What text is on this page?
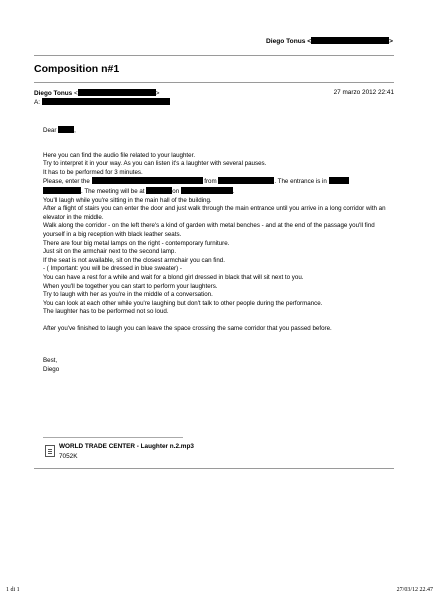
Diego Tonus <	>
Composition n#1
Diego Tonus <	>	27 marzo 2012 22:41
A:

Dear	,

Here you can find the audio file related to your laughter.

Try to interpret it in your way. As you can listen it's a laughter with several pauses.

It has to be performed for 3 minutes.

Please, enter the	from	. The entrance is in

. The meeting will be at	on	.

You'll laugh while you're sitting in the main hall of the building.

After a flight of stairs you can enter the door and just walk through the main entrance until you arrive in a long corridor with an elevator in the middle.

Walk along the corridor - on the left there's a kind of garden with metal benches - and at the end of the passage you'll find yourself in a big reception with black leather seats.

There are four big metal lamps on the right - contemporary furniture.

Just sit on the armchair next to the second lamp.

If the seat is not available, sit on the closest armchair you can find.

- ( Important: you will be dressed in blue sweater) -

You can have a rest for a while and wait for a blond girl dressed in black that will sit next to you.

When you'll be together you can start to perform your laughters.

Try to laugh with her as you're in the middle of a conversation.

You can look at each other while you're laughing but don't talk to other people during the performance.

The laughter has to be performed not so loud.

After you've finished to laugh you can leave the space crossing the same corridor that you passed before.

Best,

Diego

WORLD TRADE CENTER - Laughter n.2.mp3
7052K
1 di 1	27/03/12 22.47
